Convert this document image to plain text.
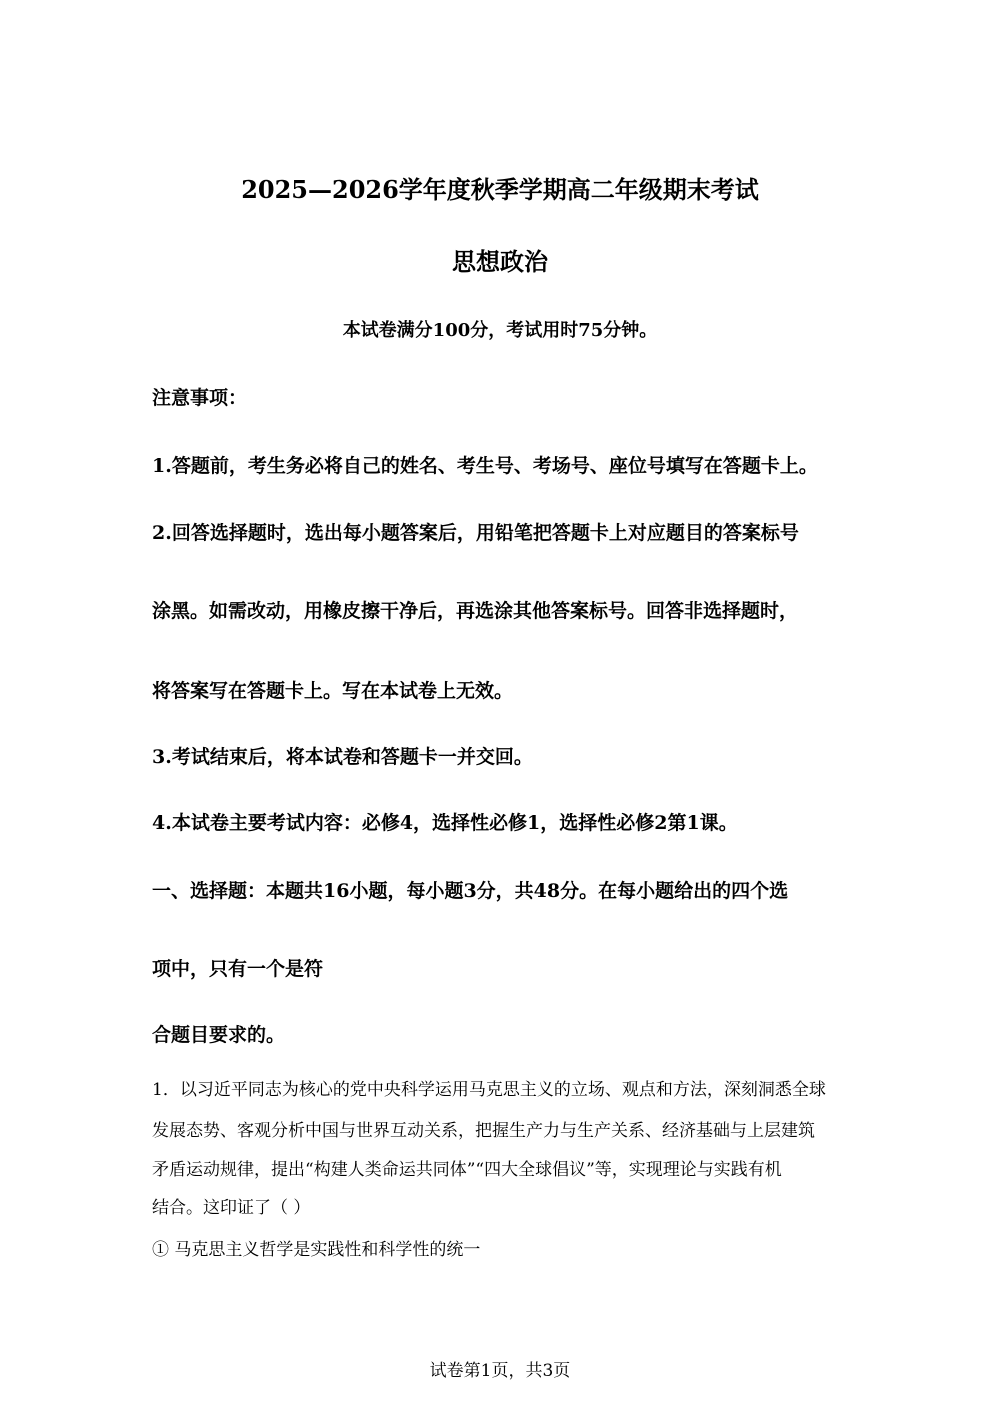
2025—2026学年度秋季学期高二年级期末考试
思想政治
本试卷满分100分，考试用时75分钟。
注意事项：
1.答题前，考生务必将自己的姓名、考生号、考场号、座位号填写在答题卡上。
2.回答选择题时，选出每小题答案后，用铅笔把答题卡上对应题目的答案标号
涂黑。如需改动，用橡皮擦干净后，再选涂其他答案标号。回答非选择题时，
将答案写在答题卡上。写在本试卷上无效。
3.考试结束后，将本试卷和答题卡一并交回。
4.本试卷主要考试内容：必修4，选择性必修1，选择性必修2第1课。
一、选择题：本题共16小题，每小题3分，共48分。在每小题给出的四个选
项中，只有一个是符
合题目要求的。
1．以习近平同志为核心的党中央科学运用马克思主义的立场、观点和方法，深刻洞悉全球
发展态势、客观分析中国与世界互动关系，把握生产力与生产关系、经济基础与上层建筑
矛盾运动规律，提出“构建人类命运共同体”“四大全球倡议”等，实现理论与实践有机
结合。这印证了（ ）
① 马克思主义哲学是实践性和科学性的统一
试卷第1页，共3页
